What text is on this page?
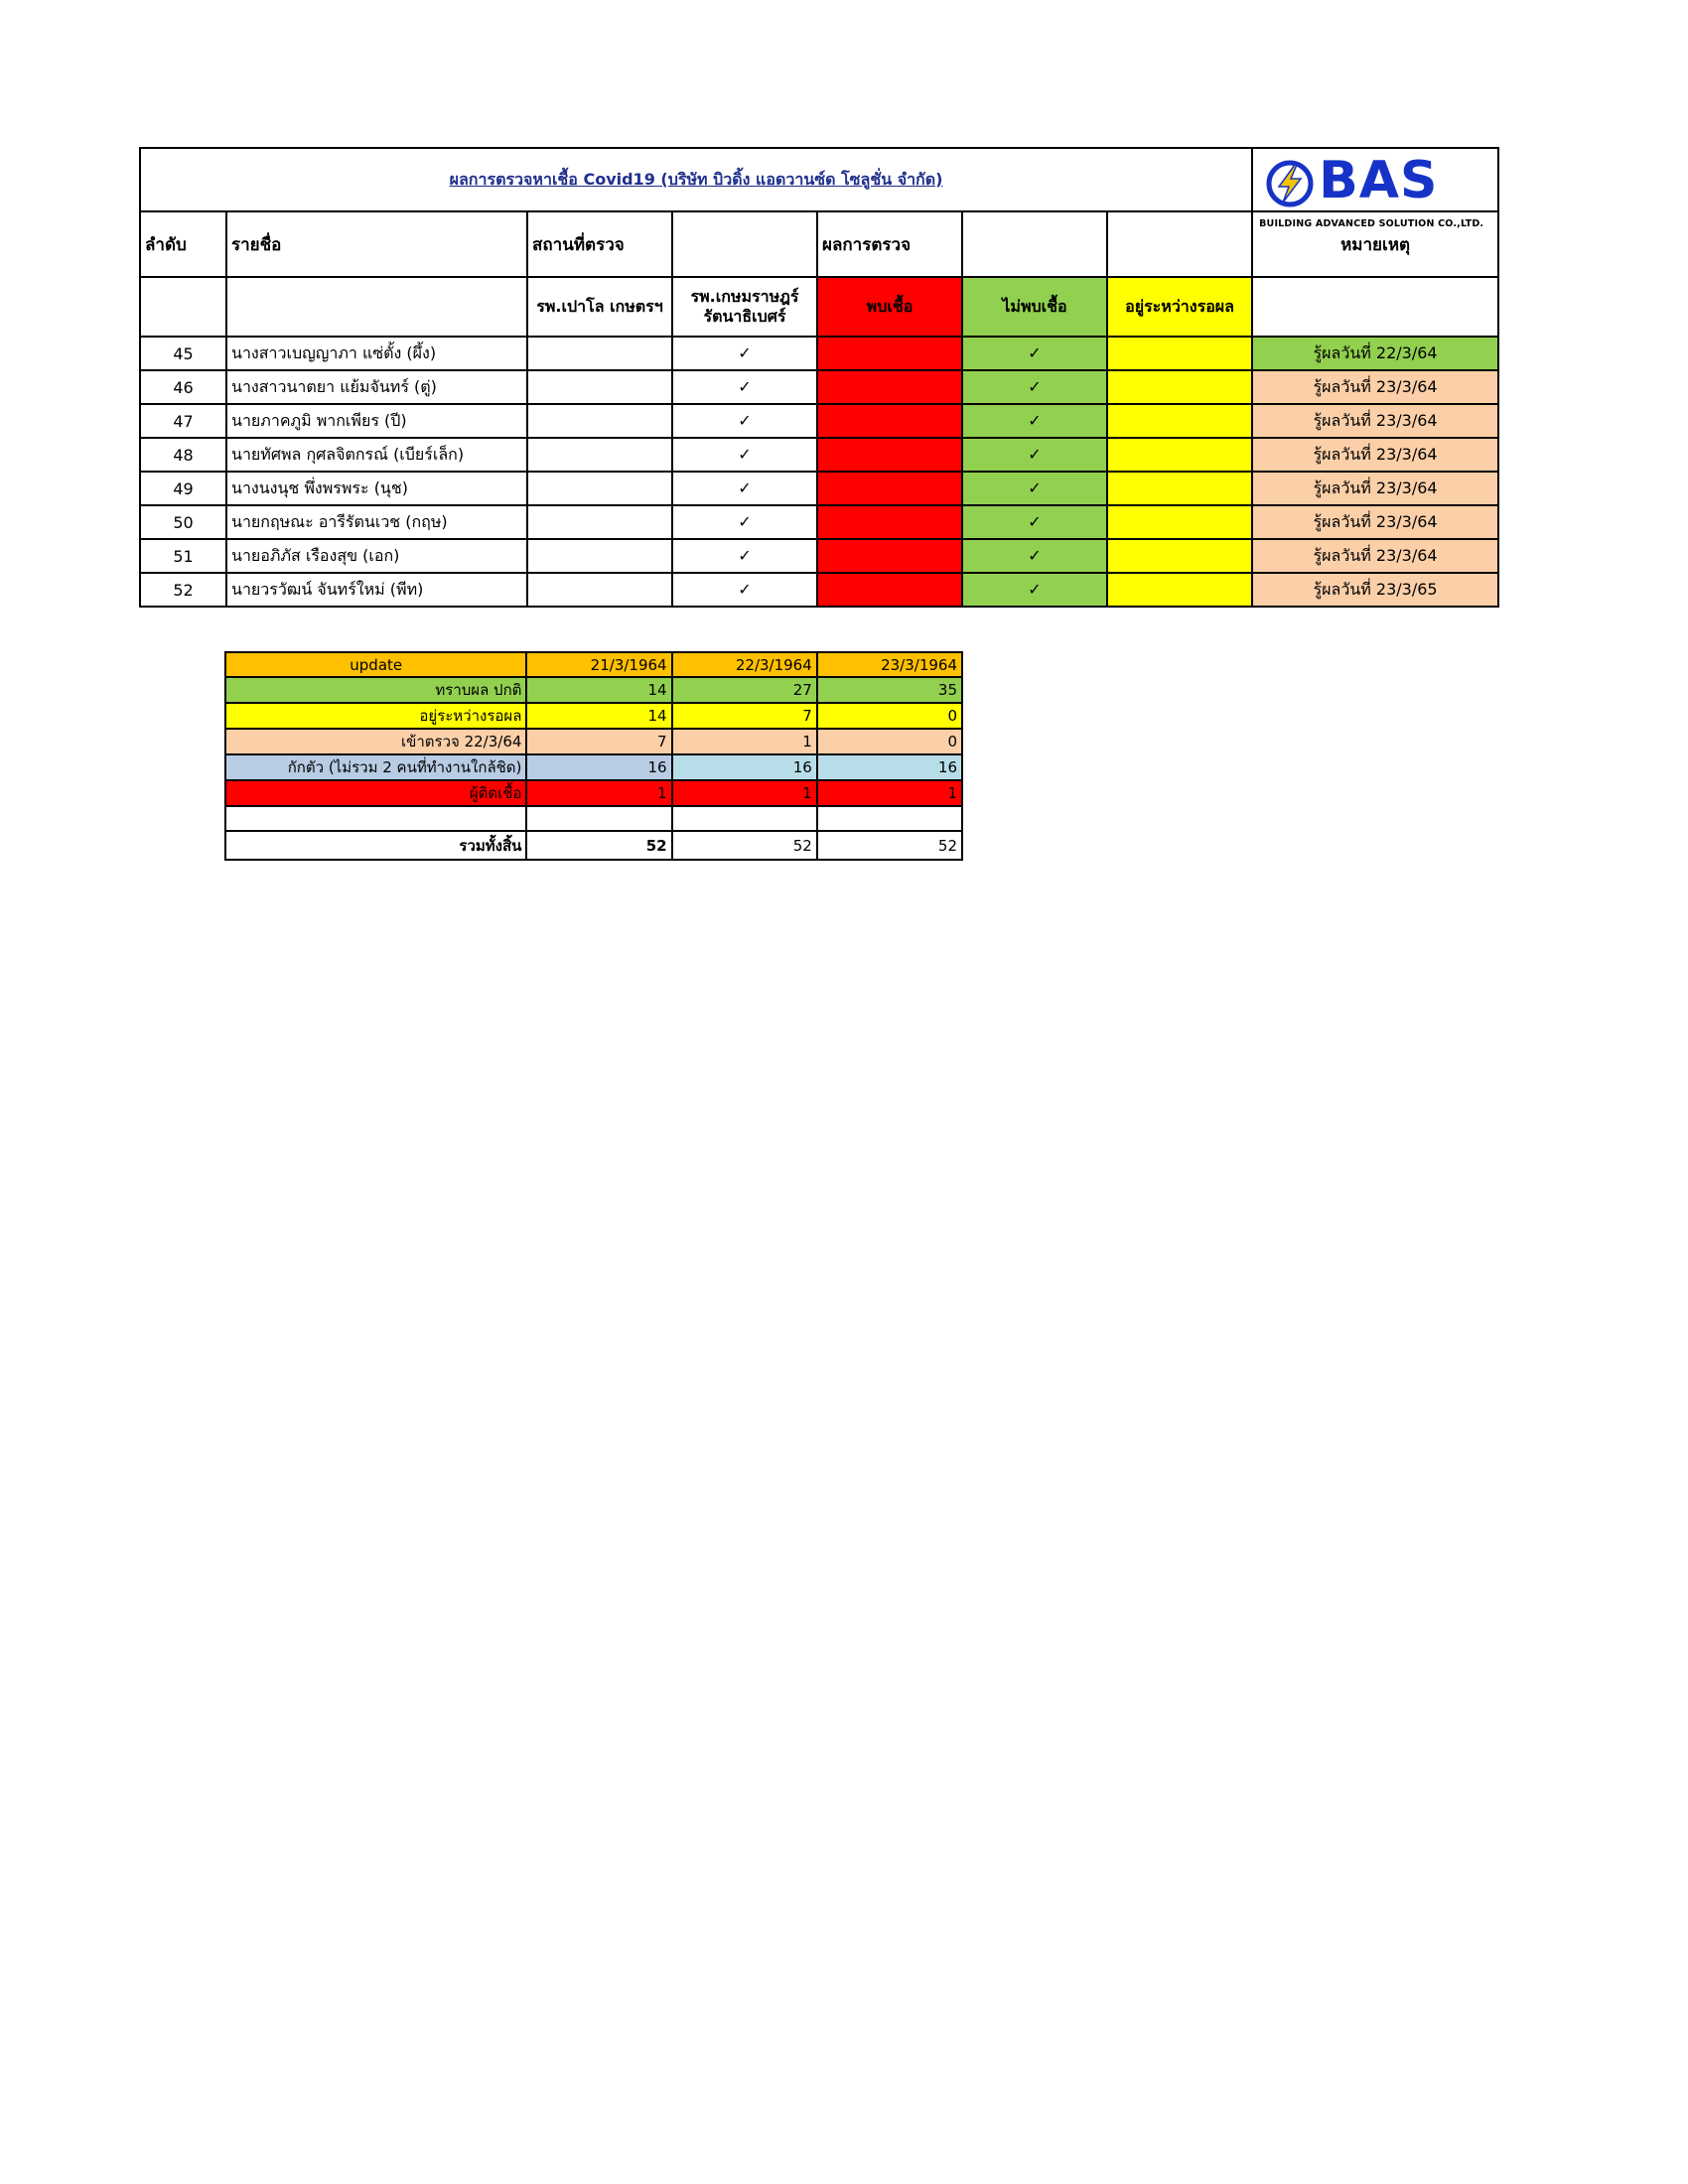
ผลการตรวจหาเชื้อ Covid19 (บริษัท บิวดิ้ง แอดวานซ์ด โซลูชั่น จำกัด)							BAS
BUILDING ADVANCED SOLUTION CO.,LTD.

ลำดับ	รายชื่อ	สถานที่ตรวจ		ผลการตรวจ			หมายเหตุ
		รพ.เปาโล เกษตรฯ	รพ.เกษมราษฎร์ รัตนาธิเบศร์	พบเชื้อ	ไม่พบเชื้อ	อยู่ระหว่างรอผล	
45	นางสาวเบญญาภา แซ่ตั้ง (ผึ้ง)		✓		✓		รู้ผลวันที่ 22/3/64
46	นางสาวนาตยา แย้มจันทร์ (ตู่)		✓		✓		รู้ผลวันที่ 23/3/64
47	นายภาคภูมิ พากเพียร (ปี)		✓		✓		รู้ผลวันที่ 23/3/64
48	นายทัศพล กุศลจิตกรณ์ (เบียร์เล็ก)		✓		✓		รู้ผลวันที่ 23/3/64
49	นางนงนุช พึ่งพรพระ (นุช)		✓		✓		รู้ผลวันที่ 23/3/64
50	นายกฤษณะ อารีรัตนเวช (กฤษ)		✓		✓		รู้ผลวันที่ 23/3/64
51	นายอภิภัส เรืองสุข (เอก)		✓		✓		รู้ผลวันที่ 23/3/64
52	นายวรวัฒน์ จันทร์ใหม่ (พีท)		✓		✓		รู้ผลวันที่ 23/3/65
update	21/3/1964	22/3/1964	23/3/1964
ทราบผล ปกติ	14	27	35
อยู่ระหว่างรอผล	14	7	0
เข้าตรวจ 22/3/64	7	1	0
กักตัว (ไม่รวม 2 คนที่ทำงานใกล้ชิด)	16	16	16
ผู้ติดเชื้อ	1	1	1

รวมทั้งสิ้น	52	52	52
